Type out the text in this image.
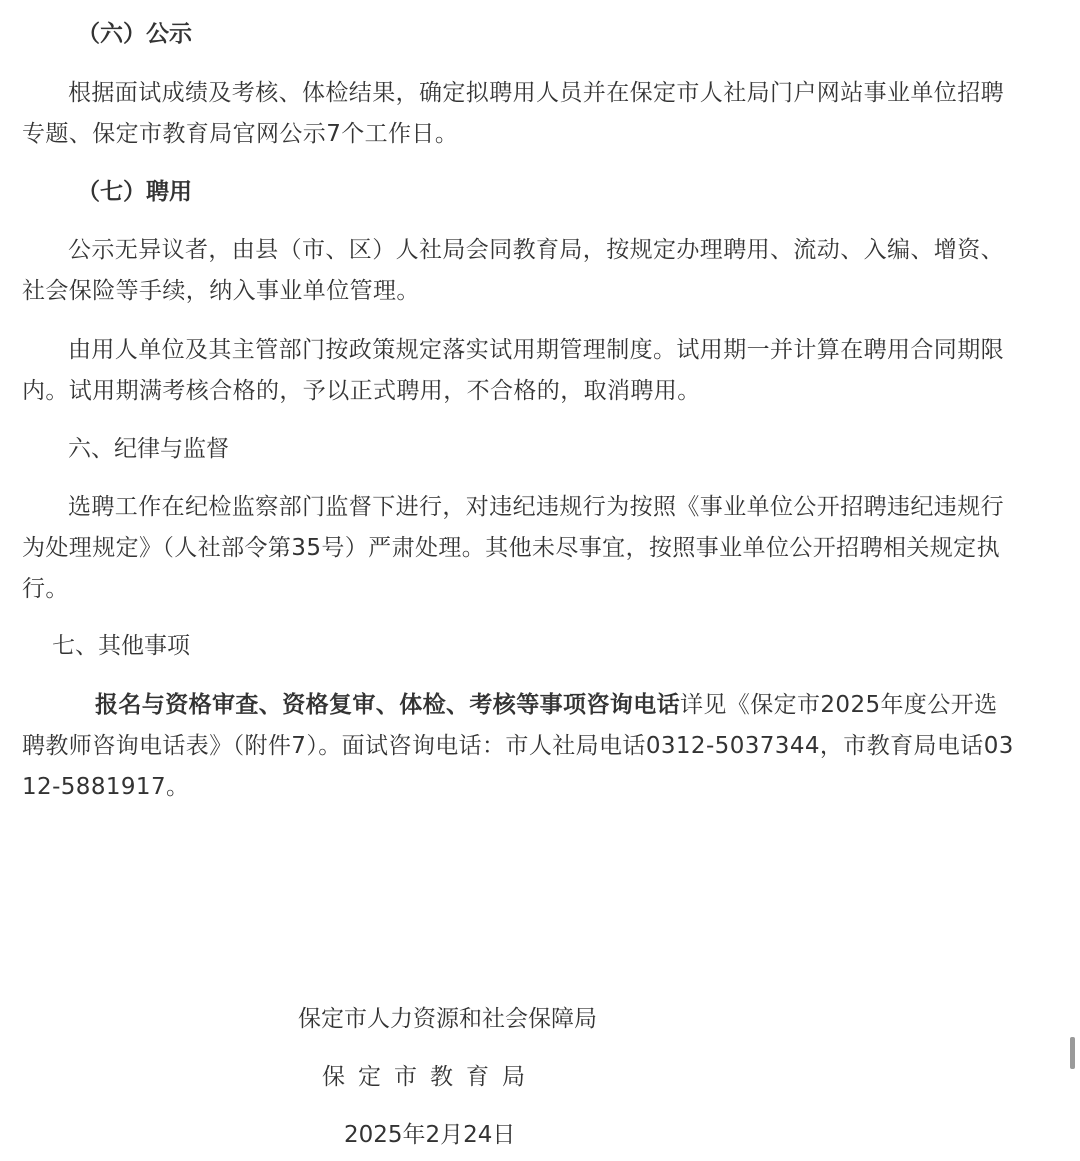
（六）公示
根据面试成绩及考核、体检结果，确定拟聘用人员并在保定市人社局门户网站事业单位招聘专题、保定市教育局官网公示7个工作日。
（七）聘用
公示无异议者，由县（市、区）人社局会同教育局，按规定办理聘用、流动、入编、增资、社会保险等手续，纳入事业单位管理。
由用人单位及其主管部门按政策规定落实试用期管理制度。试用期一并计算在聘用合同期限内。试用期满考核合格的，予以正式聘用，不合格的，取消聘用。
六、纪律与监督
选聘工作在纪检监察部门监督下进行，对违纪违规行为按照《事业单位公开招聘违纪违规行为处理规定》（人社部令第35号）严肃处理。其他未尽事宜，按照事业单位公开招聘相关规定执行。
七、其他事项
报名与资格审查、资格复审、体检、考核等事项咨询电话详见《保定市2025年度公开选聘教师咨询电话表》（附件7）。面试咨询电话：市人社局电话0312-5037344，市教育局电话0312-5881917。
保定市人力资源和社会保障局
保定市教育局
2025年2月24日
